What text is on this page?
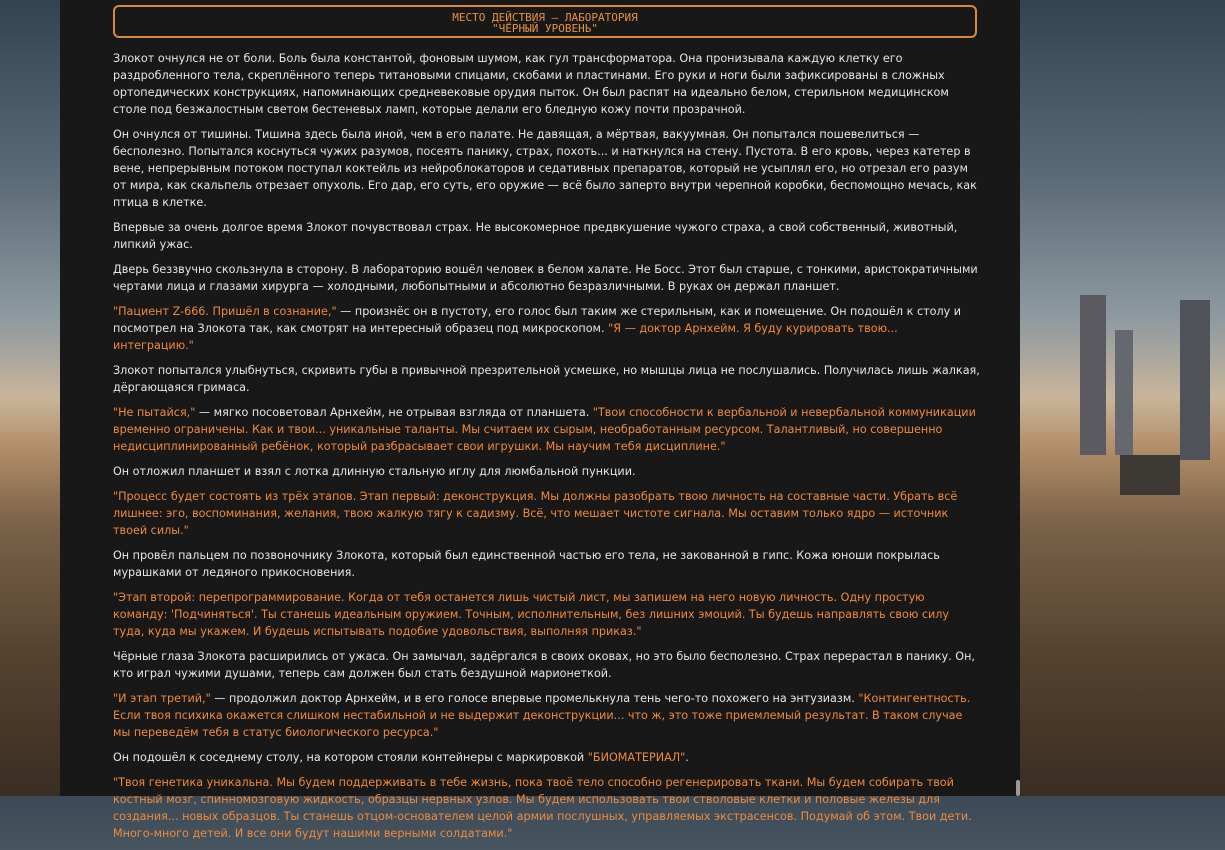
МЕСТО ДЕЙСТВИЯ – ЛАБОРАТОРИЯ
"ЧЁРНЫЙ УРОВЕНЬ"

Злокот очнулся не от боли. Боль была константой, фоновым шумом, как гул трансформатора. Она пронизывала каждую клетку его раздробленного тела, скреплённого теперь титановыми спицами, скобами и пластинами. Его руки и ноги были зафиксированы в сложных ортопедических конструкциях, напоминающих средневековые орудия пыток. Он был распят на идеально белом, стерильном медицинском столе под безжалостным светом бестеневых ламп, которые делали его бледную кожу почти прозрачной.

Он очнулся от тишины. Тишина здесь была иной, чем в его палате. Не давящая, а мёртвая, вакуумная. Он попытался пошевелиться — бесполезно. Попытался коснуться чужих разумов, посеять панику, страх, похоть... и наткнулся на стену. Пустота. В его кровь, через катетер в вене, непрерывным потоком поступал коктейль из нейроблокаторов и седативных препаратов, который не усыплял его, но отрезал его разум от мира, как скальпель отрезает опухоль. Его дар, его суть, его оружие — всё было заперто внутри черепной коробки, беспомощно мечась, как птица в клетке.

Впервые за очень долгое время Злокот почувствовал страх. Не высокомерное предвкушение чужого страха, а свой собственный, животный, липкий ужас.

Дверь беззвучно скользнула в сторону. В лабораторию вошёл человек в белом халате. Не Босс. Этот был старше, с тонкими, аристократичными чертами лица и глазами хирурга — холодными, любопытными и абсолютно безразличными. В руках он держал планшет.

"Пациент Z-666. Пришёл в сознание," — произнёс он в пустоту, его голос был таким же стерильным, как и помещение. Он подошёл к столу и посмотрел на Злокота так, как смотрят на интересный образец под микроскопом. "Я — доктор Арнхейм. Я буду курировать твою... интеграцию."

Злокот попытался улыбнуться, скривить губы в привычной презрительной усмешке, но мышцы лица не послушались. Получилась лишь жалкая, дёргающаяся гримаса.

"Не пытайся," — мягко посоветовал Арнхейм, не отрывая взгляда от планшета. "Твои способности к вербальной и невербальной коммуникации временно ограничены. Как и твои... уникальные таланты. Мы считаем их сырым, необработанным ресурсом. Талантливый, но совершенно недисциплинированный ребёнок, который разбрасывает свои игрушки. Мы научим тебя дисциплине."

Он отложил планшет и взял с лотка длинную стальную иглу для люмбальной пункции.

"Процесс будет состоять из трёх этапов. Этап первый: деконструкция. Мы должны разобрать твою личность на составные части. Убрать всё лишнее: эго, воспоминания, желания, твою жалкую тягу к садизму. Всё, что мешает чистоте сигнала. Мы оставим только ядро — источник твоей силы."

Он провёл пальцем по позвоночнику Злокота, который был единственной частью его тела, не закованной в гипс. Кожа юноши покрылась мурашками от ледяного прикосновения.

"Этап второй: перепрограммирование. Когда от тебя останется лишь чистый лист, мы запишем на него новую личность. Одну простую команду: 'Подчиняться'. Ты станешь идеальным оружием. Точным, исполнительным, без лишних эмоций. Ты будешь направлять свою силу туда, куда мы укажем. И будешь испытывать подобие удовольствия, выполняя приказ."

Чёрные глаза Злокота расширились от ужаса. Он замычал, задёргался в своих оковах, но это было бесполезно. Страх перерастал в панику. Он, кто играл чужими душами, теперь сам должен был стать бездушной марионеткой.

"И этап третий," — продолжил доктор Арнхейм, и в его голосе впервые промелькнула тень чего-то похожего на энтузиазм. "Контингентность. Если твоя психика окажется слишком нестабильной и не выдержит деконструкции... что ж, это тоже приемлемый результат. В таком случае мы переведём тебя в статус биологического ресурса."

Он подошёл к соседнему столу, на котором стояли контейнеры с маркировкой "БИОМАТЕРИАЛ".

"Твоя генетика уникальна. Мы будем поддерживать в тебе жизнь, пока твоё тело способно регенерировать ткани. Мы будем собирать твой костный мозг, спинномозговую жидкость, образцы нервных узлов. Мы будем использовать твои стволовые клетки и половые железы для создания... новых образцов. Ты станешь отцом-основателем целой армии послушных, управляемых экстрасенсов. Подумай об этом. Твои дети. Много-много детей. И все они будут нашими верными солдатами."
